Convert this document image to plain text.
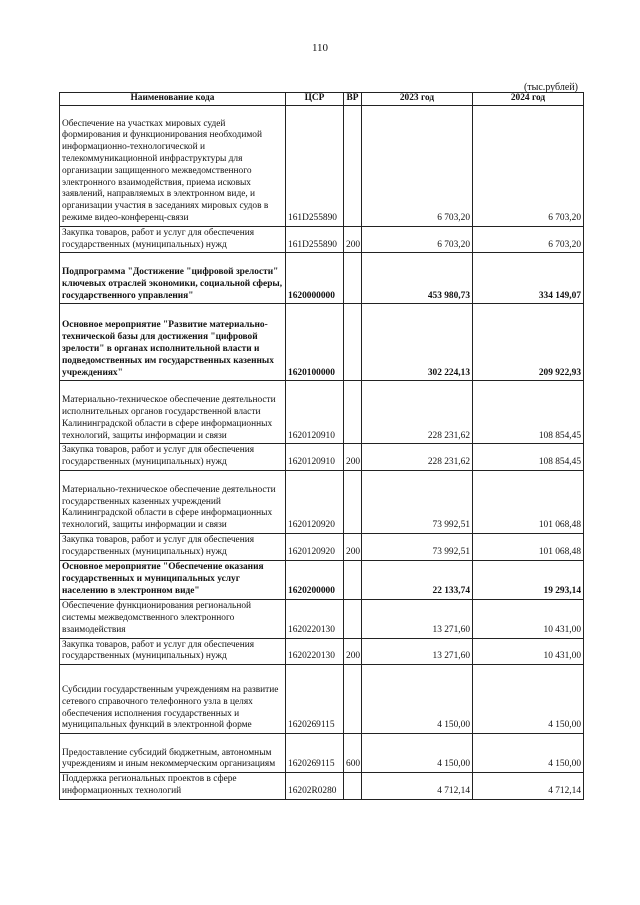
110
(тыс.рублей)
Наименование кода	ЦСР	ВР	2023 год	2024 год
Обеспечение на участках мировых судей формирования и функционирования необходимой информационно-технологической и телекоммуникационной инфраструктуры для организации защищенного межведомственного электронного взаимодействия, приема исковых заявлений, направляемых в электронном виде, и организации участия в заседаниях мировых судов в режиме видео-конференц-связи	161D255890		6 703,20	6 703,20
Закупка товаров, работ и услуг для обеспечения государственных (муниципальных) нужд	161D255890	200	6 703,20	6 703,20
Подпрограмма "Достижение "цифровой зрелости" ключевых отраслей экономики, социальной сферы, государственного управления"	1620000000		453 980,73	334 149,07
Основное мероприятие "Развитие материально-технической базы для достижения "цифровой зрелости" в органах исполнительной власти и подведомственных им государственных казенных учреждениях"	1620100000		302 224,13	209 922,93
Материально-техническое обеспечение деятельности исполнительных органов государственной власти Калининградской области в сфере информационных технологий, защиты информации и связи	1620120910		228 231,62	108 854,45
Закупка товаров, работ и услуг для обеспечения государственных (муниципальных) нужд	1620120910	200	228 231,62	108 854,45
Материально-техническое обеспечение деятельности государственных казенных учреждений Калининградской области в сфере информационных технологий, защиты информации и связи	1620120920		73 992,51	101 068,48
Закупка товаров, работ и услуг для обеспечения государственных (муниципальных) нужд	1620120920	200	73 992,51	101 068,48
Основное мероприятие "Обеспечение оказания государственных и муниципальных услуг населению в электронном виде"	1620200000		22 133,74	19 293,14
Обеспечение функционирования региональной системы межведомственного электронного взаимодействия	1620220130		13 271,60	10 431,00
Закупка товаров, работ и услуг для обеспечения государственных (муниципальных) нужд	1620220130	200	13 271,60	10 431,00
Субсидии государственным учреждениям на развитие сетевого справочного телефонного узла в целях обеспечения исполнения государственных и муниципальных функций в электронной форме	1620269115		4 150,00	4 150,00
Предоставление субсидий бюджетным, автономным учреждениям и иным некоммерческим организациям	1620269115	600	4 150,00	4 150,00
Поддержка региональных проектов в сфере информационных технологий	16202R0280		4 712,14	4 712,14
